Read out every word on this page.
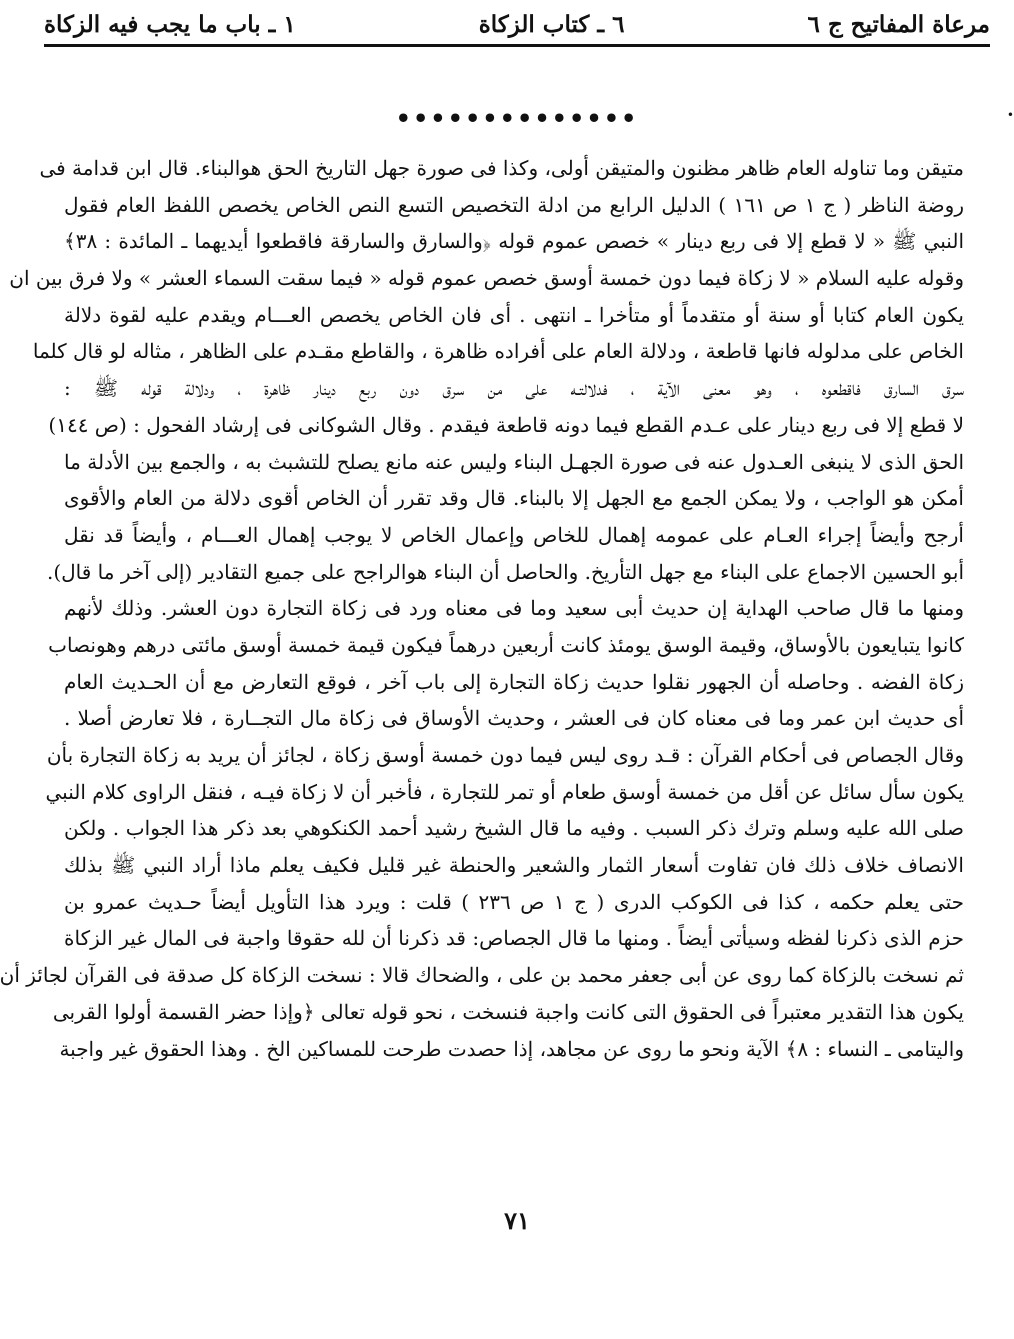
مرعاة المفاتيح ج ٦
٦ ـ كتاب الزكاة
١ ـ باب ما يجب فيه الزكاة
••••••••••••••	•
متيقن وما تناوله العام ظاهر مظنون والمتيقن أولى، وكذا فى صورة جهل التاريخ الحق هوالبناء. قال ابن قدامة فى
روضة الناظر ( ج ١ ص ١٦١ ) الدليل الرابع من ادلة التخصيص التسع النص الخاص يخصص اللفظ العام فقول
النبي ﷺ « لا قطع إلا فى ربع دينار » خصص عموم قوله ﴿والسارق والسارقة فاقطعوا أيديهما ـ المائدة : ٣٨﴾
وقوله عليه السلام « لا زكاة فيما دون خمسة أوسق خصص عموم قوله « فيما سقت السماء العشر » ولا فرق بين ان
يكون العام كتابا أو سنة أو متقدماً أو متأخرا ـ انتهى . أى فان الخاص يخصص العـــام ويقدم عليه لقوة دلالة
الخاص على مدلوله فانها قاطعة ، ودلالة العام على أفراده ظاهرة ، والقاطع مقـدم على الظاهر ، مثاله لو قال كلما
سرق السارق فاقطعوه ، وهو معنى الآية ، فدلالتـه على من سرق دون ربع دينار ظاهرة ، ودلالة قوله ﷺ :
لا قطع إلا فى ربع دينار على عـدم القطع فيما دونه قاطعة فيقدم . وقال الشوكانى فى إرشاد الفحول : (ص ١٤٤)
الحق الذى لا ينبغى العـدول عنه فى صورة الجهـل البناء وليس عنه مانع يصلح للتشبث به ، والجمع بين الأدلة ما
أمكن هو الواجب ، ولا يمكن الجمع مع الجهل إلا بالبناء. قال وقد تقرر أن الخاص أقوى دلالة من العام والأقوى
أرجح وأيضاً إجراء العـام على عمومه إهمال للخاص وإعمال الخاص لا يوجب إهمال العـــام ، وأيضاً قد نقل
أبو الحسين الاجماع على البناء مع جهل التأريخ. والحاصل أن البناء هوالراجح على جميع التقادير (إلى آخر ما قال).
ومنها ما قال صاحب الهداية إن حديث أبى سعيد وما فى معناه ورد فى زكاة التجارة دون العشر. وذلك لأنهم
كانوا يتبايعون بالأوساق، وقيمة الوسق يومئذ كانت أربعين درهماً فيكون قيمة خمسة أوسق مائتى درهم وهونصاب
زكاة الفضه . وحاصله أن الجهور نقلوا حديث زكاة التجارة إلى باب آخر ، فوقع التعارض مع أن الحـديث العام
أى حديث ابن عمر وما فى معناه كان فى العشر ، وحديث الأوساق فى زكاة مال التجــارة ، فلا تعارض أصلا .
وقال الجصاص فى أحكام القرآن : قـد روى ليس فيما دون خمسة أوسق زكاة ، لجائز أن يريد به زكاة التجارة بأن
يكون سأل سائل عن أقل من خمسة أوسق طعام أو تمر للتجارة ، فأخبر أن لا زكاة فيـه ، فنقل الراوى كلام النبي
صلى الله عليه وسلم وترك ذكر السبب . وفيه ما قال الشيخ رشيد أحمد الكنكوهي بعد ذكر هذا الجواب . ولكن
الانصاف خلاف ذلك فان تفاوت أسعار الثمار والشعير والحنطة غير قليل فكيف يعلم ماذا أراد النبي ﷺ بذلك
حتى يعلم حكمه ، كذا فى الكوكب الدرى ( ج ١ ص ٢٣٦ ) قلت : ويرد هذا التأويل أيضاً حـديث عمرو بن
حزم الذى ذكرنا لفظه وسيأتى أيضاً . ومنها ما قال الجصاص: قد ذكرنا أن لله حقوقا واجبة فى المال غير الزكاة
ثم نسخت بالزكاة كما روى عن أبى جعفر محمد بن على ، والضحاك قالا : نسخت الزكاة كل صدقة فى القرآن لجائز أن
يكون هذا التقدير معتبراً فى الحقوق التى كانت واجبة فنسخت ، نحو قوله تعالى ﴿وإذا حضر القسمة أولوا القربى
واليتامى ـ النساء : ٨﴾ الآية ونحو ما روى عن مجاهد، إذا حصدت طرحت للمساكين الخ . وهذا الحقوق غير واجبة
٧١
